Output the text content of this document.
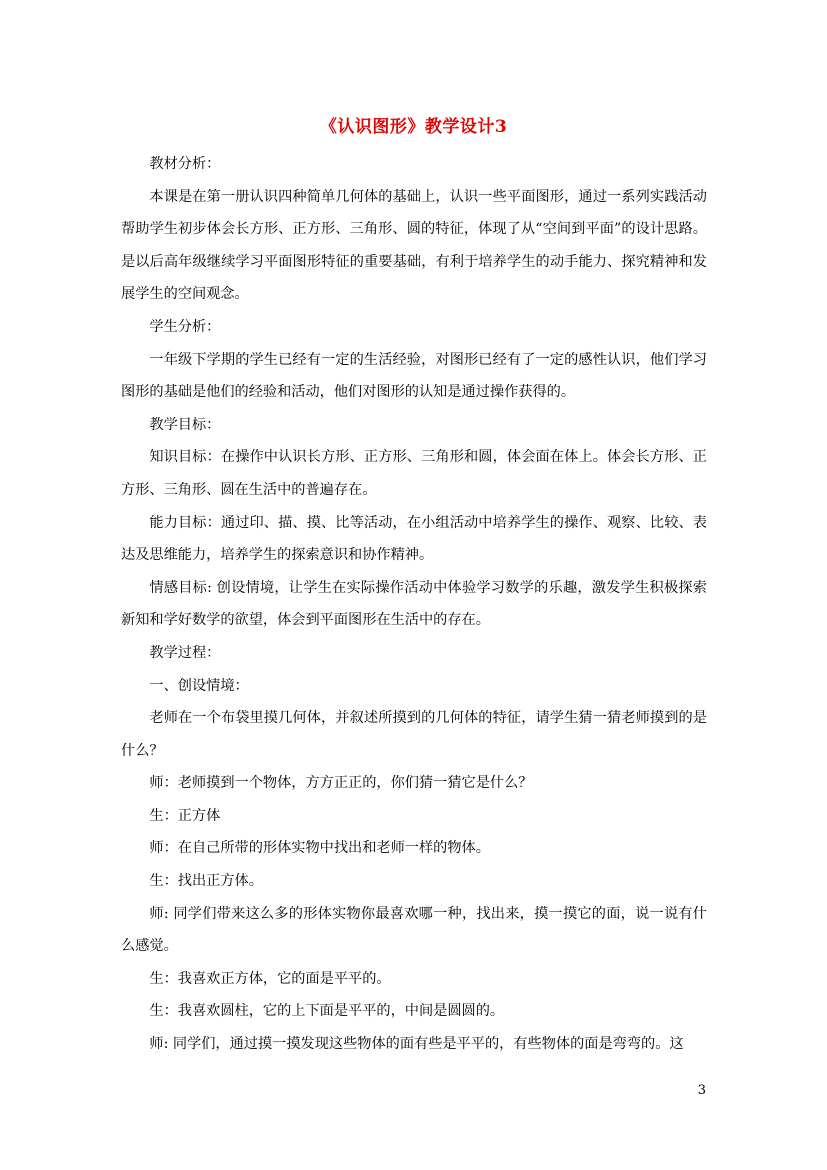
《认识图形》教学设计3

教材分析：

本课是在第一册认识四种简单几何体的基础上，认识一些平面图形，通过一系列实践活动帮助学生初步体会长方形、正方形、三角形、圆的特征，体现了从“空间到平面”的设计思路。是以后高年级继续学习平面图形特征的重要基础，有利于培养学生的动手能力、探究精神和发展学生的空间观念。

学生分析：

一年级下学期的学生已经有一定的生活经验，对图形已经有了一定的感性认识，他们学习图形的基础是他们的经验和活动，他们对图形的认知是通过操作获得的。

教学目标：

知识目标：在操作中认识长方形、正方形、三角形和圆，体会面在体上。体会长方形、正方形、三角形、圆在生活中的普遍存在。

能力目标：通过印、描、摸、比等活动，在小组活动中培养学生的操作、观察、比较、表达及思维能力，培养学生的探索意识和协作精神。

情感目标: 创设情境，让学生在实际操作活动中体验学习数学的乐趣，激发学生积极探索新知和学好数学的欲望，体会到平面图形在生活中的存在。

教学过程：

一、创设情境：

老师在一个布袋里摸几何体，并叙述所摸到的几何体的特征，请学生猜一猜老师摸到的是什么？

师：老师摸到一个物体，方方正正的，你们猜一猜它是什么？

生：正方体

师：在自己所带的形体实物中找出和老师一样的物体。

生：找出正方体。

师: 同学们带来这么多的形体实物你最喜欢哪一种，找出来，摸一摸它的面，说一说有什么感觉。

生：我喜欢正方体，它的面是平平的。

生：我喜欢圆柱，它的上下面是平平的，中间是圆圆的。

师: 同学们，通过摸一摸发现这些物体的面有些是平平的，有些物体的面是弯弯的。这

3
